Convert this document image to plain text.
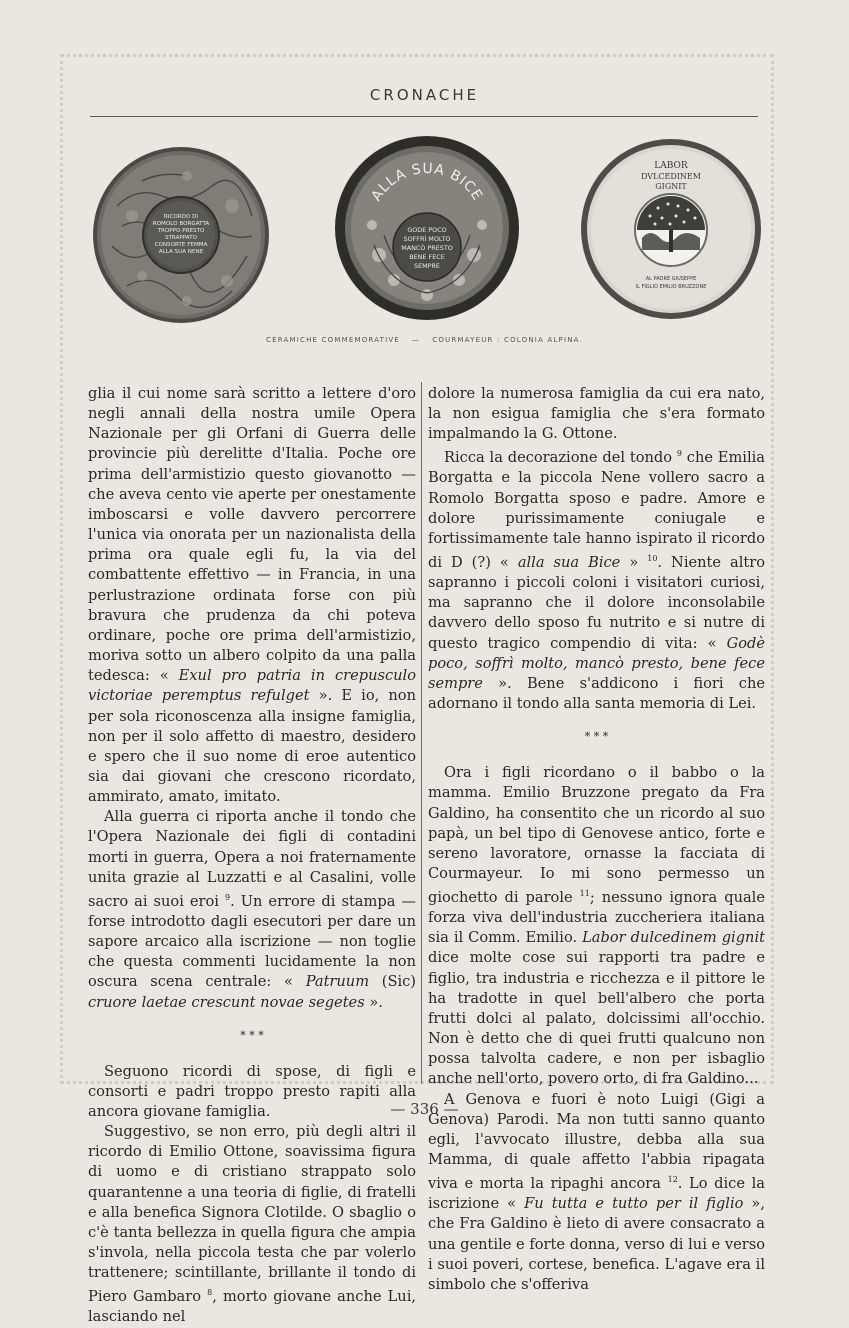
CRONACHE
RICORDO DI
ROMOLO BORGATTA
TROPPO PRESTO
STRAPPATO
CONSORTE FEMMA
ALLA SUA NENE
ALLA SUA BICE
GODE POCO
SOFFRÌ MOLTO
MANCÒ PRESTO
BENE FECE
SEMPRE
LABOR
DVLCEDINEM
GIGNIT
AL PADRE GIUSEPPE
IL FIGLIO EMILIO BRUZZONE
CERAMICHE COMMEMORATIVE — COURMAYEUR : COLONIA ALPINA.

glia il cui nome sarà scritto a lettere d'oro negli annali della nostra umile Opera Nazionale per gli Orfani di Guerra delle provincie più derelitte d'Italia. Poche ore prima dell'armistizio questo giovanotto — che aveva cento vie aperte per onestamente imboscarsi e volle davvero percorrere l'unica via onorata per un nazionalista della prima ora quale egli fu, la via del combattente effettivo — in Francia, in una perlustrazione ordinata forse con più bravura che prudenza da chi poteva ordinare, poche ore prima dell'armistizio, moriva sotto un albero colpito da una palla tedesca: « Exul pro patria in crepusculo victoriae peremptus refulget ». E io, non per sola riconoscenza alla insigne famiglia, non per il solo affetto di maestro, desidero e spero che il suo nome di eroe autentico sia dai giovani che crescono ricordato, ammirato, amato, imitato.

Alla guerra ci riporta anche il tondo che l'Opera Nazionale dei figli di contadini morti in guerra, Opera a noi fraternamente unita grazie al Luzzatti e al Casalini, volle sacro ai suoi eroi $^9$. Un errore di stampa — forse introdotto dagli esecutori per dare un sapore arcaico alla iscrizione — non toglie che questa commenti lucidamente la non oscura scena centrale: « Patruum (Sic) cruore laetae crescunt novae segetes ».

* * *

Seguono ricordi di spose, di figli e consorti e padri troppo presto rapiti alla ancora giovane famiglia.

Suggestivo, se non erro, più degli altri il ricordo di Emilio Ottone, soavissima figura di uomo e di cristiano strappato solo quarantenne a una teoria di figlie, di fratelli e alla benefica Signora Clotilde. O sbaglio o c'è tanta bellezza in quella figura che ampia s'invola, nella piccola testa che par volerlo trattenere; scintillante, brillante il tondo di Piero Gambaro $^8$, morto giovane anche Lui, lasciando nel

dolore la numerosa famiglia da cui era nato, la non esigua famiglia che s'era formato impalmando la G. Ottone.

Ricca la decorazione del tondo $^9$ che Emilia Borgatta e la piccola Nene vollero sacro a Romolo Borgatta sposo e padre. Amore e dolore purissimamente coniugale e fortissimamente tale hanno ispirato il ricordo di D (?) « alla sua Bice » $^{10}$. Niente altro sapranno i piccoli coloni i visitatori curiosi, ma sapranno che il dolore inconsolabile davvero dello sposo fu nutrito e si nutre di questo tragico compendio di vita: « Godè poco, soffrì molto, mancò presto, bene fece sempre ». Bene s'addicono i fiori che adornano il tondo alla santa memoria di Lei.

* * *

Ora i figli ricordano o il babbo o la mamma. Emilio Bruzzone pregato da Fra Galdino, ha consentito che un ricordo al suo papà, un bel tipo di Genovese antico, forte e sereno lavoratore, ornasse la facciata di Courmayeur. Io mi sono permesso un giochetto di parole $^{11}$; nessuno ignora quale forza viva dell'industria zuccheriera italiana sia il Comm. Emilio. Labor dulcedinem gignit dice molte cose sui rapporti tra padre e figlio, tra industria e ricchezza e il pittore le ha tradotte in quel bell'albero che porta frutti dolci al palato, dolcissimi all'occhio. Non è detto che di quei frutti qualcuno non possa talvolta cadere, e non per isbaglio anche nell'orto, povero orto, di fra Galdino...

A Genova e fuori è noto Luigi (Gigi a Genova) Parodi. Ma non tutti sanno quanto egli, l'avvocato illustre, debba alla sua Mamma, di quale affetto l'abbia ripagata viva e morta la ripaghi ancora $^{12}$. Lo dice la iscrizione « Fu tutta e tutto per il figlio », che Fra Galdino è lieto di avere consacrato a una gentile e forte donna, verso di lui e verso i suoi poveri, cortese, benefica. L'agave era il simbolo che s'offeriva

— 336 —
